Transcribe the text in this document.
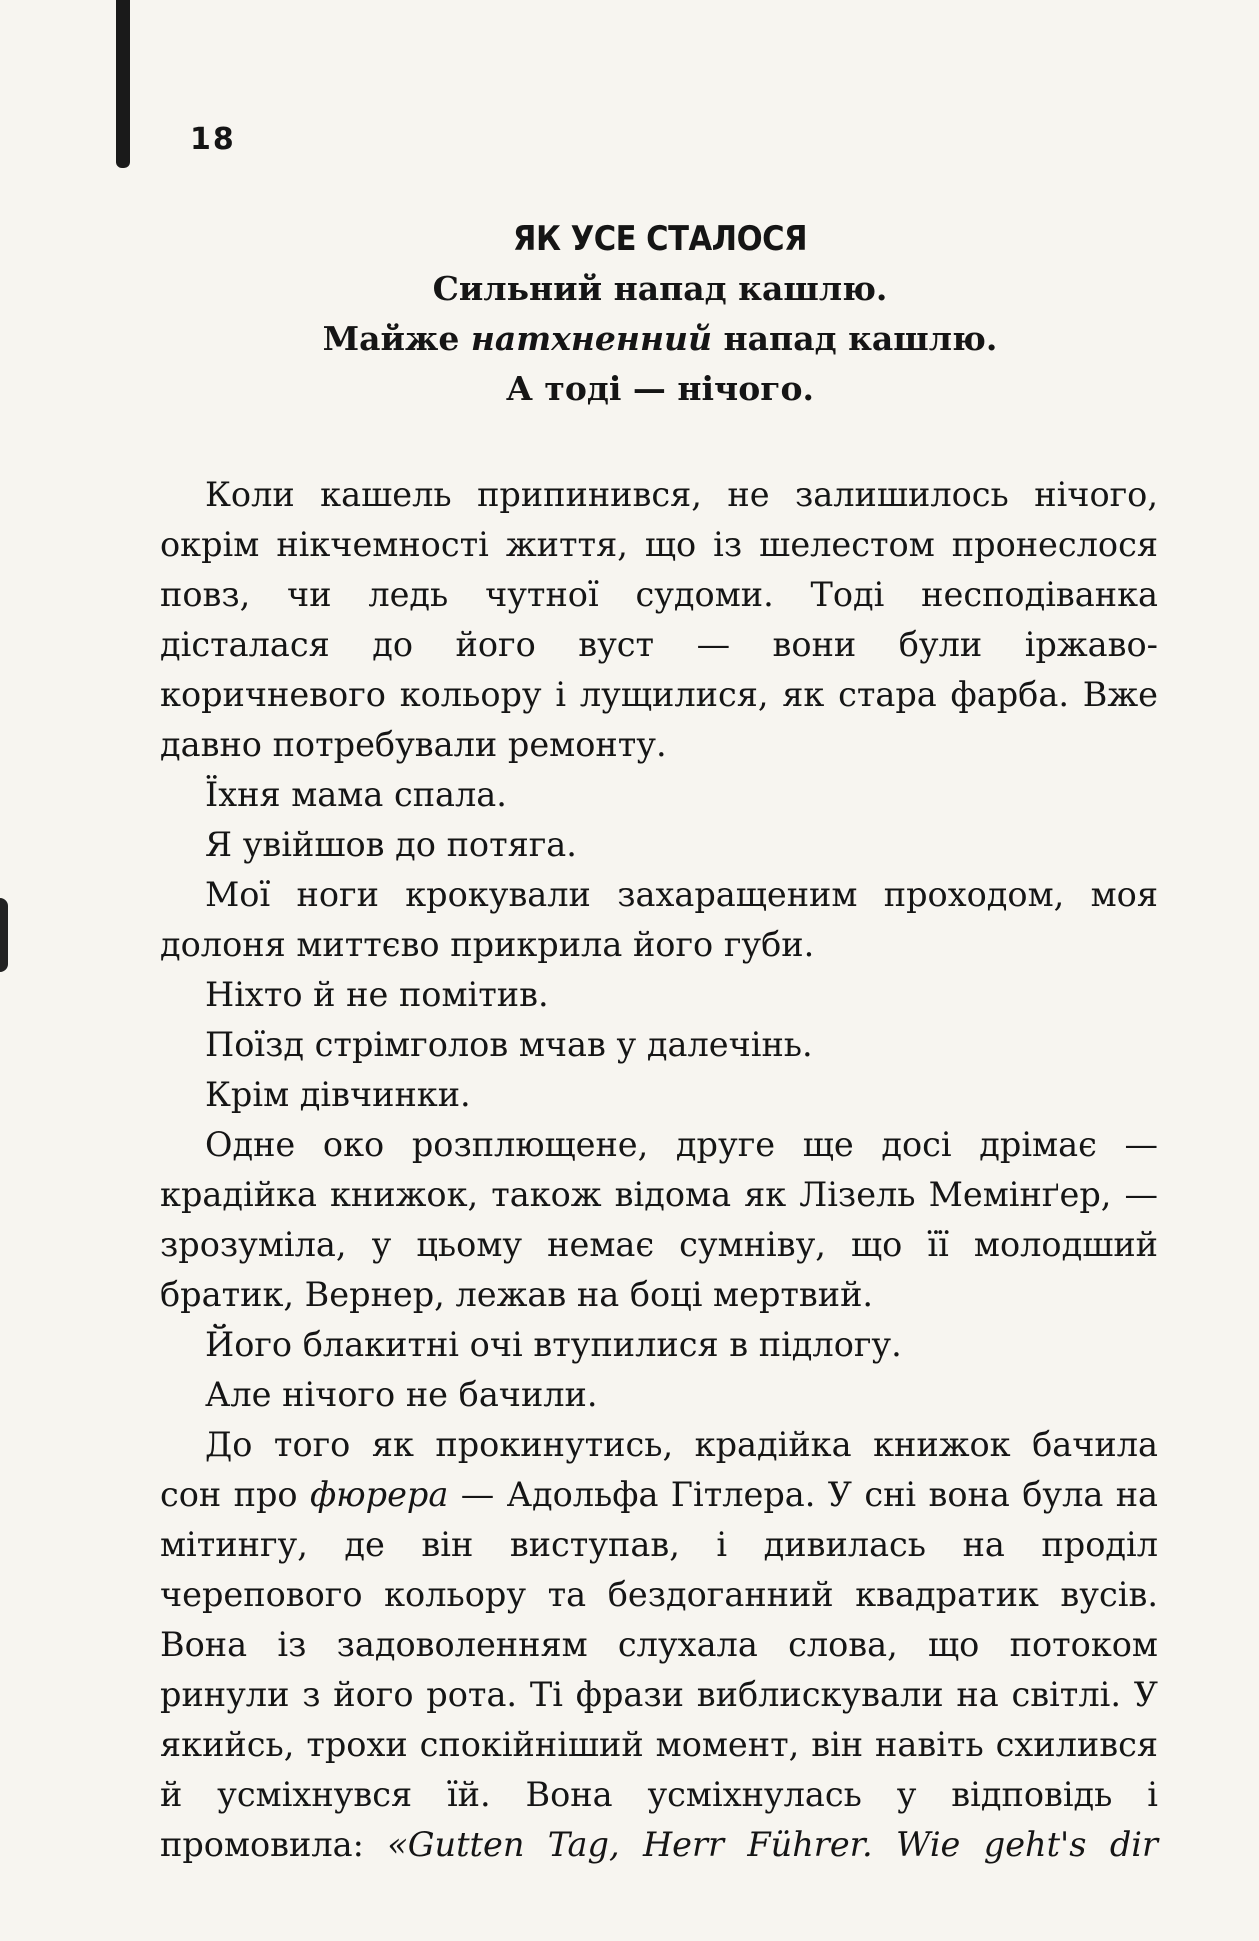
18
ЯК УСЕ СТАЛОСЯ
Сильний напад кашлю.
Майже натхненний напад кашлю.
А тоді — нічого.

Коли кашель припинився, не залишилось нічого, окрім нікчемності життя, що із шелестом пронеслося повз, чи ледь чутної судоми. Тоді несподіванка дісталася до його вуст — вони були іржаво-коричневого кольору і лущилися, як стара фарба. Вже давно потребували ремонту.

Їхня мама спала.

Я увійшов до потяга.

Мої ноги крокували захаращеним проходом, моя долоня миттєво прикрила його губи.

Ніхто й не помітив.

Поїзд стрімголов мчав у далечінь.

Крім дівчинки.

Одне око розплющене, друге ще досі дрімає — крадійка книжок, також відома як Лізель Мемінґер, — зрозуміла, у цьому немає сумніву, що її молодший братик, Вернер, лежав на боці мертвий.

Його блакитні очі втупилися в підлогу.

Але нічого не бачили.

До того як прокинутись, крадійка книжок бачила сон про фюрера — Адольфа Гітлера. У сні вона була на мітингу, де він виступав, і дивилась на проділ черепового кольору та бездоганний квадратик вусів. Вона із задоволенням слухала слова, що потоком ринули з його рота. Ті фрази виблискували на світлі. У якийсь, трохи спокійніший момент, він навіть схилився й усміхнувся їй. Вона усміхнулась у відповідь і промовила: «Gutten Tag, Herr Führer. Wie geht's dir
